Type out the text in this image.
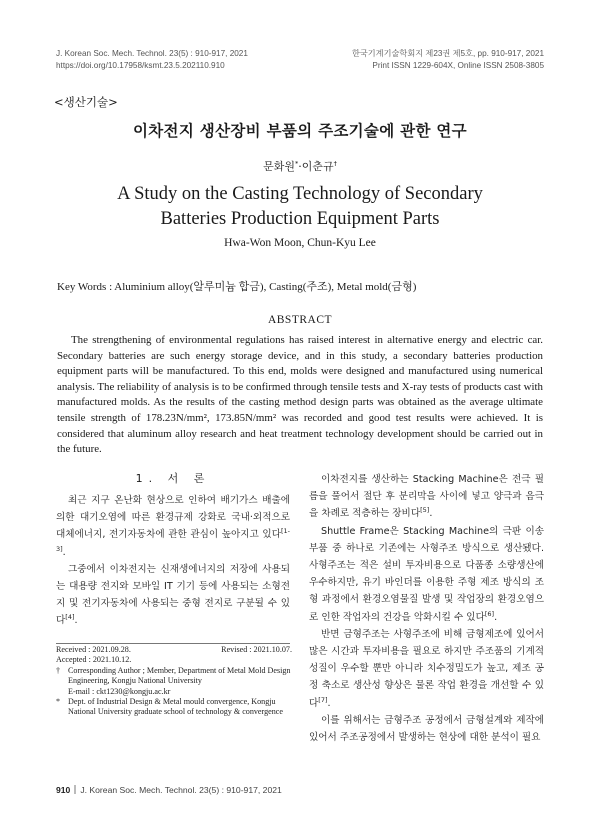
J. Korean Soc. Mech. Technol. 23(5) : 910-917, 2021
https://doi.org/10.17958/ksmt.23.5.202110.910
한국기계기술학회지 제23권 제5호, pp. 910-917, 2021
Print ISSN 1229-604X, Online ISSN 2508-3805
<생산기술>
이차전지 생산장비 부품의 주조기술에 관한 연구
문화원*·이춘규†
A Study on the Casting Technology of Secondary
Batteries Production Equipment Parts
Hwa-Won Moon, Chun-Kyu Lee
Key Words : Aluminium alloy(알루미늄 합금), Casting(주조), Metal mold(금형)
ABSTRACT
The strengthening of environmental regulations has raised interest in alternative energy and electric car. Secondary batteries are such energy storage device, and in this study, a secondary batteries production equipment parts will be manufactured. To this end, molds were designed and manufactured using numerical analysis. The reliability of analysis is to be confirmed through tensile tests and X-ray tests of products cast with manufactured molds. As the results of the casting method design parts was obtained as the average ultimate tensile strength of 178.23N/mm², 173.85N/mm² was recorded and good test results were achieved. It is considered that aluminum alloy research and heat treatment technology development should be carried out in the future.
1. 서 론

최근 지구 온난화 현상으로 인하여 배기가스 배출에 의한 대기오염에 따른 환경규제 강화로 국내·외적으로 대체에너지, 전기자동차에 관한 관심이 높아지고 있다[1-3].

그중에서 이차전지는 신재생에너지의 저장에 사용되는 대용량 전지와 모바일 IT 기기 등에 사용되는 소형전지 및 전기자동차에 사용되는 중형 전지로 구분될 수 있다[4].

Received : 2021.09.28.	Revised : 2021.10.07.
Accepted : 2021.10.12.
† Corresponding Author ; Member, Department of Metal Mold Design Engineering, Kongju National University
E-mail : ckt1230@kongju.ac.kr
* Dept. of Industrial Design & Metal mould convergence, Kongju National University graduate school of technology & convergence

이차전지를 생산하는 Stacking Machine은 전극 필름을 풀어서 절단 후 분리막을 사이에 넣고 양극과 음극을 차례로 적층하는 장비다[5].

Shuttle Frame은 Stacking Machine의 극판 이송 부품 중 하나로 기존에는 사형주조 방식으로 생산됐다. 사형주조는 적은 설비 투자비용으로 다품종 소량생산에 우수하지만, 유기 바인더를 이용한 주형 제조 방식의 조형 과정에서 환경오염물질 발생 및 작업장의 환경오염으로 인한 작업자의 건강을 악화시킬 수 있다[6].

반면 금형주조는 사형주조에 비해 금형제조에 있어서 많은 시간과 투자비용을 필요로 하지만 주조품의 기계적 성질이 우수할 뿐만 아니라 치수정밀도가 높고, 제조 공정 축소로 생산성 향상은 물론 작업 환경을 개선할 수 있다[7].

이를 위해서는 금형주조 공정에서 금형설계와 제작에 있어서 주조공정에서 발생하는 현상에 대한 분석이 필요

910 J. Korean Soc. Mech. Technol. 23(5) : 910-917, 2021
